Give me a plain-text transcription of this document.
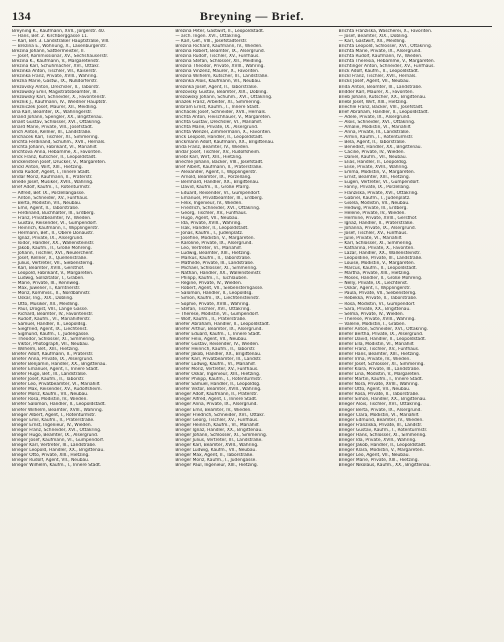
134	Breyning — Brief.
Breyning K., Kaufmann, XVII., Jörgerstr. 40.
— Hans, Bef. 2. Kirchberggasse 11.
— Karl, Bef. 3. Landstraßer Hauptstraße, VIII.
— Brezina E., Wohnung, X., Laxenburgerstr.
Brezina Johann, Sattlermeister, II.
— Josef, Kommissionär, XV., Sechshauserstr.
Brezina K., Kaufmann, V., Margaretenstr.
Brezina Karl, Schuhmacher, XVI., Ottakr.
Brezinka Anton, Tischler, VII., Kaiserstr.
Brezinka Franz, Private, XVIII., Währing.
Brezna Marie, Gastw., IX., Nußdorferstr.
Brezovsky Anton, Drechsler, II., Taborstr.
Brezowsky Emil, Magistratsbeamter, III.
Brezowsky Karl, Schneider, X., Favoritenstr.
Breznik J., Kaufmann, IV., Wiedner Hauptstr.
Brezniczek Josef, Maurer, XII., Meidling.
Bria Karl, Beamter, IX., Währingerstr.
Briand Johann, Spengler, XX., Brigittenau.
Briant Gustav, Schlosser, XVI., Ottakring.
Briard Marie, Private, VIII., Josefstadt.
Brich Anton, Kellner, III., Landstraße.
Brichacek Karl, Tischler, XI., Simmering.
Brichta Ferdinand, Schuhm., XVII., Hernals.
Brichta Johann, Fabrikant, VI., Mariahilf.
Brichtova Anna, Hebamme, X., Favoriten.
Brick Franz, Kutscher, II., Leopoldstadt.
Brickenstein Josef, Drucker, V., Margareten.
Brickl Anton, Wirt, XIII., Hietzing.
Brida Rudolf, Agent, I., Innere Stadt.
Bridar Moriz, Kaufmann, II., Praterstr.
Briede Josef, Musiker, XVIII., Währing.
Brief Adolf, Kaufm., I., Rotenturmstr.
— Alfred, Bef. IX., Porzellangasse.
— Anton, Schneider, XV., Fünfhaus.
— Berta, Modistin, VII., Neubau.
— Emil, Agent, II., Taborstraße.
— Ferdinand, Buchhalter, III., Erdberg.
— Franz, Privatbeamter, IV., Wieden.
— Gustav, Reisender, VI., Gumpendorf.
— Heinrich, Kaufmann, I., Wipplingerstr.
— Hermann, Bef., II., Obere Donaustr.
— Ignaz, Private, IX., Alsergrund.
— Isidor, Händler, XX., Wallensteinstr.
— Jakob, Kaufm., II., Große Mohreng.
— Johann, Tischler, XVI., Neulerchenf.
— Josef, Kellner, X., Quellenstraße.
— Julius, Vertreter, VII., Siebensterng.
— Karl, Beamter, XVIII., Gersthof.
— Leopold, Fabrikant, V., Margareten.
— Ludwig, Sollizitator, I., Graben.
— Marie, Private, III., Rennweg.
— Max, Juwelier, I., Kärntnerstr.
— Moriz, Kommiss., II., Nordbahnstr.
— Oskar, Ing., XIX., Döbling.
— Otto, Musiker, XII., Meidling.
— Paul, Drogist, VIII., Lange Gasse.
— Richard, Beamter, IV., Favoritenstr.
— Rudolf, Kaufm., VI., Mariahilferstr.
— Samuel, Händler, II., Leopoldsg.
— Siegfried, Agent, IX., Liechtenst.
— Sigmund, Kaufm., I., Judengasse.
— Theodor, Schlosser, XI., Simmering.
— Viktor, Photograph, VII., Neubau.
— Wilhelm, Bef., XIII., Hietzing.
Briefer Adolf, Kaufmann, II., Praterstr.
Briefer Anna, Private, IX., Alsergrund.
Briefer Benjamin, Händler, XX., Brigittenau.
Briefer Emanuel, Agent, I., Innere Stadt.
Briefer Hugo, Bef., III., Landstraße.
Briefer Josef, Kaufm., II., Taborstr.
Briefer Leo, Privatbeamter, VI., Mariahilf.
Briefer Max, Reisender, XV., Rudolfsheim.
Briefer Moriz, Kaufm., VII., Neubau.
Briefer Rosa, Modistin, IV., Wieden.
Briefer Salomon, Händler, II., Leopoldstadt.
Briefer Wilhelm, Beamter, XVIII., Währing.
Brieger Albert, Agent, I., Rotenturmstr.
Brieger Emil, Kaufm., II., Praterstraße.
Brieger Ernst, Ingenieur, IV., Wieden.
Brieger Franz, Schneider, XVI., Ottakring.
Brieger Hugo, Beamter, IX., Alsergrund.
Brieger Josef, Kaufmann, VI., Gumpendorf.
Brieger Karl, Vertreter, III., Landstraße.
Brieger Leopold, Händler, XX., Brigittenau.
Brieger Otto, Private, XIII., Hietzing.
Brieger Rudolf, Agent, VII., Neubau.
Brieger Wilhelm, Kaufm., I., Innere Stadt.
Brezina Peter, Gastwirt, II., Leopoldstadt.
— arch. Ingen. XVI., Ottakring.
— Karl, Gef., VIII., Josefstädterstr.
Brezina Richard, Kaufmann, IV., Wieden.
Brezina Robert, Beamter, IX., Alsergrund.
Brezina Rudolf, Tischler, XV., Fünfhaus.
Brezina Stefan, Schlosser, XII., Meidling.
Brezina Theodor, Private, XVIII., Währing.
Brezina Vinzenz, Maurer, X., Favoriten.
Brezina Wilhelm, Kutscher, III., Landstraße.
Brezinka Alois, Kaufmann, VII., Neubau.
Brezinka Josef, Agent, II., Taborstraße.
Brezovsky Gustav, Beamter, XIX., Döbling.
Brezowsky Johann, Schuhm., XVI., Ottakring.
Briazek Franz, Arbeiter, XI., Simmering.
Bribram Ernst, Kaufm., I., Innere Stadt.
Brichacek Josef, Schneider, XVII., Hernals.
Brichta Anton, Fleischhauer, V., Margareten.
Brichta Gustav, Drechsler, VI., Mariahilf.
Brichta Marie, Private, IX., Alsergrund.
Brichta Wenzel, Zimmermann, X., Favoriten.
Brick Leopold, Händler, II., Leopoldstadt.
Brickmann Adolf, Kaufmann, XX., Brigittenau.
Brida Franz, Beamter, IV., Wieden.
Bridar Josef, Tischler, XV., Rudolfsheim.
Briebl Karl, Wirt, XIII., Hietzing.
Briechle Johann, Bäcker, VIII., Josefstadt.
Brief Albert, Kaufmann, II., Praterstraße.
— Alexander, Agent, I., Wipplingerstr.
— Arnold, Beamter, IX., Porzellang.
— Bernhard, Händler, XX., Brigittenau.
— David, Kaufm., II., Große Pfarrg.
— Eduard, Reisender, VI., Gumpendorf.
— Emanuel, Privatbeamter, III., Erdberg.
— Felix, Ingenieur, IV., Wieden.
— Friedrich, Schneider, XVI., Ottakring.
— Georg, Tischler, XV., Fünfhaus.
— Hugo, Agent, VII., Neubau.
— Ida, Private, XVIII., Währing.
— Isak, Händler, II., Leopoldstadt.
— Jonas, Kaufm., I., Judenplatz.
— Josefine, Modistin, V., Margareten.
— Karoline, Private, IX., Alsergrund.
— Leo, Vertreter, VI., Mariahilf.
— Ludwig, Beamter, XIII., Hietzing.
— Markus, Kaufm., II., Taborstraße.
— Mathilde, Private, III., Landstraße.
— Michael, Schlosser, XI., Simmering.
— Nathan, Händler, XX., Wallensteinstr.
— Philipp, Kaufm., I., Tuchlauben.
— Regine, Private, IV., Wieden.
— Robert, Agent, VII., Siebensterngasse.
— Salomon, Händler, II., Leopoldsg.
— Simon, Kaufm., IX., Liechtensteinstr.
— Sophie, Private, XVIII., Währing.
— Stefan, Tischler, XVI., Ottakring.
— Therese, Modistin, VI., Gumpendorf.
— Wolf, Kaufm., II., Praterstraße.
Briefer Abraham, Händler, II., Leopoldstadt.
Briefer Arthur, Beamter, IX., Alsergrund.
Briefer Eduard, Kaufm., I., Innere Stadt.
Briefer Felix, Agent, VII., Neubau.
Briefer Gustav, Reisender, IV., Wieden.
Briefer Heinrich, Kaufm., II., Taborstr.
Briefer Jakob, Händler, XX., Brigittenau.
Briefer Karl, Privatbeamter, III., Landstr.
Briefer Ludwig, Kaufm., VI., Mariahilf.
Briefer Moriz, Vertreter, XV., Fünfhaus.
Briefer Oskar, Ingenieur, XIII., Hietzing.
Briefer Philipp, Kaufm., I., Rotenturmstr.
Briefer Samuel, Händler, II., Leopoldsg.
Briefer Viktor, Beamter, XVIII., Währing.
Brieger Adolf, Kaufmann, II., Praterstr.
Brieger Alfred, Agent, I., Innere Stadt.
Brieger Anna, Private, IX., Alsergrund.
Brieger Emil, Beamter, IV., Wieden.
Brieger Friedrich, Schneider, XVI., Ottakr.
Brieger Georg, Tischler, XV., Fünfhaus.
Brieger Heinrich, Kaufm., VI., Mariahilf.
Brieger Ignaz, Händler, XX., Brigittenau.
Brieger Johann, Schlosser, XI., Simmering.
Brieger Julius, Vertreter, III., Landstraße.
Brieger Karl, Beamter, XVIII., Währing.
Brieger Ludwig, Kaufm., VII., Neubau.
Brieger Max, Agent, II., Taborstraße.
Brieger Moriz, Kaufm., I., Judengasse.
Brieger Paul, Ingenieur, XIII., Hietzing.
Brichta Franziska, Wäscherei, X., Favoriten.
— Josef, Beamter, XIX., Döbling.
— Karl, Gastwirt, XII., Meidling.
Brichta Leopold, Schlosser, XVI., Ottakring.
Brichta Marie, Private, IX., Alsergrund.
Brichta Rudolf, Kaufmann, IV., Wieden.
Brichta Theresia, Hebamme, V., Margareten.
Brichtinger Anton, Schneider, XV., Fünfhaus.
Brick Adolf, Kaufm., II., Leopoldstadt.
Brickl Franz, Tischler, XVII., Hernals.
Bricks Josef, Agent, VII., Neubau.
Brida Anton, Beamter, III., Landstraße.
Bridder Karl, Maurer, X., Favoriten.
Brieb Johann, Kutscher, XX., Brigittenau.
Briebl Josef, Wirt, XIII., Hietzing.
Briechle Franz, Bäcker, VIII., Josefstadt.
Brief Abraham, Händler, II., Leopoldstadt.
— Adele, Private, IX., Alsergrund.
— Alois, Schneider, XVI., Ottakring.
— Amalie, Modistin, VI., Mariahilf.
— Anna, Private, III., Landstraße.
— Armin, Kaufm., I., Rotenturmstr.
— Bela, Agent, II., Taborstraße.
— Benedikt, Händler, XX., Brigittenau.
— Cäcilie, Private, IV., Wieden.
— Daniel, Kaufm., VII., Neubau.
— Elias, Händler, II., Leopoldsg.
— Elise, Private, XVIII., Währing.
— Emma, Modistin, V., Margareten.
— Ernst, Beamter, XIII., Hietzing.
— Eugen, Vertreter, VI., Gumpendorf.
— Fanny, Private, IX., Porzellang.
— Franziska, Private, XVI., Ottakring.
— Gabriel, Kaufm., I., Judenplatz.
— Gisela, Modistin, VII., Neubau.
— Hedwig, Private, III., Erdberg.
— Helene, Private, IV., Wieden.
— Hermine, Private, XVIII., Gersthof.
— Ignaz, Händler, II., Praterstraße.
— Johanna, Private, IX., Alsergrund.
— Josef, Tischler, XV., Fünfhaus.
— Julie, Private, VI., Mariahilf.
— Karl, Schlosser, XI., Simmering.
— Katharina, Private, X., Favoriten.
— Lazar, Händler, XX., Wallensteinstr.
— Leopoldine, Private, III., Landstraße.
— Louise, Modistin, V., Margareten.
— Marcus, Kaufm., II., Leopoldstadt.
— Martha, Private, XIII., Hietzing.
— Moses, Händler, II., Große Mohreng.
— Nelly, Private, IX., Liechtenst.
— Oskar, Agent, I., Wipplingerstr.
— Paula, Private, VII., Siebensterng.
— Rebekka, Private, II., Taborstraße.
— Rosa, Modistin, VI., Gumpendorf.
— Sara, Private, XX., Brigittenau.
— Selma, Private, IV., Wieden.
— Therese, Private, XVIII., Währing.
— Valerie, Modistin, I., Graben.
Briefer Anton, Schneider, XVI., Ottakring.
Briefer Bertha, Private, IX., Alsergrund.
Briefer David, Händler, II., Leopoldstadt.
Briefer Ella, Modistin, VI., Mariahilf.
Briefer Franz, Tischler, XV., Fünfhaus.
Briefer Hans, Beamter, XIII., Hietzing.
Briefer Irma, Private, IV., Wieden.
Briefer Josef, Schlosser, XI., Simmering.
Briefer Klara, Private, III., Landstraße.
Briefer Lina, Modistin, V., Margareten.
Briefer Martin, Kaufm., I., Innere Stadt.
Briefer Nora, Private, XVIII., Währing.
Briefer Otto, Agent, VII., Neubau.
Briefer Rosa, Private, II., Taborstraße.
Briefer Simon, Händler, XX., Brigittenau.
Brieger Alois, Tischler, XVI., Ottakring.
Brieger Berta, Private, IX., Alsergrund.
Brieger Clara, Modistin, VI., Mariahilf.
Brieger Edmund, Beamter, IV., Wieden.
Brieger Franziska, Private, III., Landstr.
Brieger Gustav, Kaufm., I., Rotenturmstr.
Brieger Hans, Schlosser, XI., Simmering.
Brieger Ida, Private, XVIII., Währing.
Brieger Jakob, Händler, II., Leopoldstadt.
Brieger Klara, Modistin, V., Margareten.
Brieger Leo, Agent, VII., Neubau.
Brieger Marie, Private, XIII., Hietzing.
Brieger Nikolaus, Kaufm., XX., Brigittenau.
